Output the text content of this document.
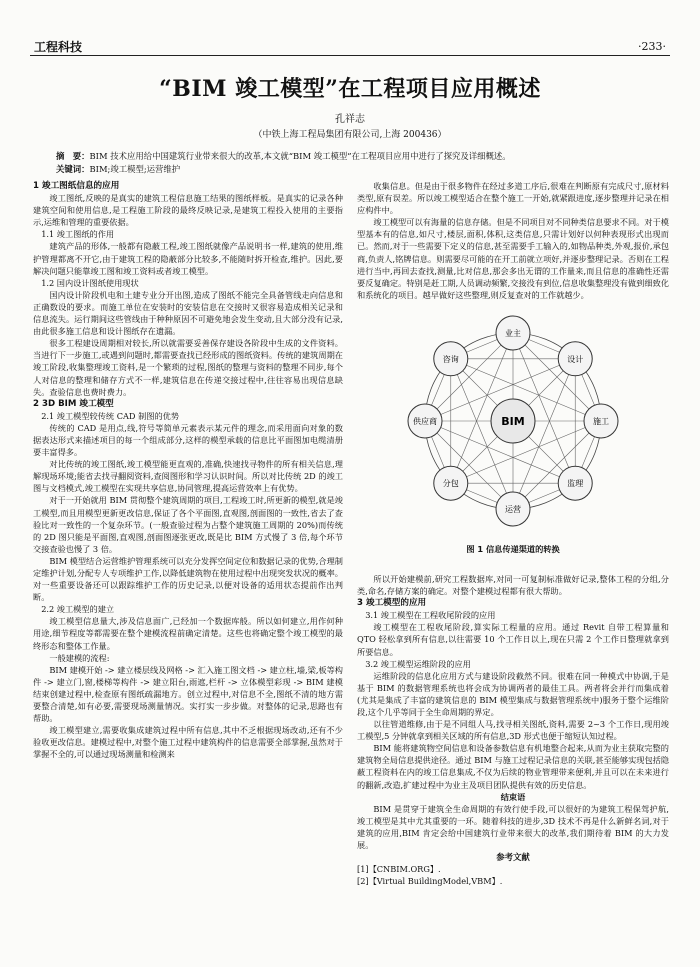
工程科技	·233·
“BIM 竣工模型”在工程项目应用概述
孔祥志
（中铁上海工程局集团有限公司,上海 200436）
摘　要：BIM 技术应用给中国建筑行业带来很大的改革,本文就“BIM 竣工模型”在工程项目应用中进行了探究及详细概述。
关键词：BIM;竣工模型;运营维护

1 竣工图纸信息的应用

竣工图纸,反映的是真实的建筑工程信息施工结果的图纸样板。是真实的记录各种建筑空间和使用信息,是工程施工阶段的最终反映记录,是建筑工程投入使用的主要指示,运维和管理的重要依据。

1.1 竣工图纸的作用

建筑产品的形体,一般都有隐蔽工程,竣工图纸就像产品说明书一样,建筑的使用,维护管理都离不开它,由于建筑工程的隐蔽部分比较多,不能随时拆开检查,维护。因此,要解决问题只能靠竣工图和竣工资料或者竣工模型。

1.2 国内设计图纸使用现状

国内设计阶段机电和土建专业分开出图,造成了图纸不能完全具备管线走向信息和正确数设的要求。而施工单位在安装时的安装信息在交接时又很容易造成相关记录和信息流失。运行期间这些管线由于种种原因不可避免地会发生变动,且大部分没有记录,由此很多施工信息和设计图纸存在遗漏。

很多工程建设周期相对较长,所以就需要妥善保存建设各阶段中生成的文件资料。当进行下一步施工,或遇到问题时,都需要查找已经形成的图纸资料。传统的建筑周期在竣工阶段,收集整理竣工资料,是一个繁琐的过程,图纸的整理与资料的整理不同步,每个人对信息的整理和储存方式不一样,建筑信息在传递交接过程中,往往容易出现信息缺失。查验信息也费时费力。

2 3D BIM 竣工模型

2.1 竣工模型较传统 CAD 制图的优势

传统的 CAD 是用点,线,符号等简单元素表示某元件的理念,而采用面向对象的数据表达形式来描述项目的每一个组成部分,这样的模型承载的信息比平面图加电缆清册要丰富得多。

对比传统的竣工图纸,竣工模型能更直观的,准确,快速找寻物件的所有相关信息,理解现场环境;能省去找寻翻阅资料,查阅图形和学习认识时间。所以对比传统 2D 的竣工图与文档模式,竣工模型在实现共享信息,协同管理,提高运营效率上有优势。

对于一开始就用 BIM 贯彻整个建筑周期的项目,工程竣工时,所更新的模型,就是竣工模型,而且用模型更新更改信息,保证了各个平面图,直观图,剖面图的一致性,省去了查验比对一致性的一个复杂环节。(一般查验过程为占整个建筑施工周期的 20%)而传统的 2D 图只能是平面图,直观图,剖面图逐张更改,既是比 BIM 方式慢了 3 倍,每个环节交接查验也慢了 3 倍。

BIM 模型结合运营维护管理系统可以充分发挥空间定位和数据记录的优势,合理制定维护计划,分配专人专项维护工作,以降低建筑物在使用过程中出现突发状况的概率。对一些重要设备还可以跟踪维护工作的历史记录,以便对设备的适用状态提前作出判断。

2.2 竣工模型的建立

竣工模型信息量大,涉及信息面广,已经加一个数据库般。所以如何建立,用作何种用途,细节程度等都需要在整个建模流程前确定清楚。这些也将确定整个竣工模型的最终形态和整体工作量。

一般建模的流程:

BIM 建模开始 -> 建立楼层线及网格 -> 汇入施工图文档 -> 建立柱,墙,梁,板等构件 -> 建立门,窗,楼梯等构件 -> 建立阳台,雨遮,栏杆 -> 立体模型彩现 -> BIM 建模结束创建过程中,检查原有图纸疏漏地方。创立过程中,对信息不全,图纸不清的地方需要整合清楚,如有必要,需要现场测量情况。实打实一步步做。对整体的记录,思路也有帮助。

竣工模型建立,需要收集成建筑过程中所有信息,其中不乏根据现场改动,还有不少验收更改信息。建模过程中,对整个施工过程中建筑构件的信息需要全部掌握,虽然对于掌握不全的,可以通过现场测量和检测来

收集信息。但是由于很多物件在经过多道工序后,很难在判断原有完成尺寸,原材料类型,原有误差。所以竣工模型适合在整个施工一开始,就紧跟进度,逐步整理并记录在相应构件中。

竣工模型可以有海量的信息存储。但是不同项目对不同种类信息要求不同。对于模型基本有的信息,如尺寸,楼层,面积,体积,这类信息,只需计划好以何种表现形式出现而已。然而,对于一些需要下定义的信息,甚至需要手工输入的,如物品种类,外观,报价,承包商,负责人,铭牌信息。则需要尽可能的在开工前就立项好,并逐步整理记录。否则在工程进行当中,再回去查找,测量,比对信息,那会多出无谓的工作量来,而且信息的准确性还需要反复确定。特别是赶工期,人员调动频繁,交接没有到位,信息收集整理没有做到细致化和系统化的项目。越早做好这些整理,则反复查对的工作就越少。

BIM
业主
设计
施工
监理
运营
分包
供应商
咨询

图 1 信息传递渠道的转换

所以开始建模前,研究工程数据库,对同一可复制标准做好记录,整体工程的分组,分类,命名,存储方案的确定。对整个建模过程都有很大帮助。

3 竣工模型的应用

3.1 竣工模型在工程收尾阶段的应用

竣工模型在工程收尾阶段,算实际工程量的应用。通过 Revit 自带工程算量和 QTO 轻松拿到所有信息,以往需要 10 个工作日以上,现在只需 2 个工作日整理就拿到所要信息。

3.2 竣工模型运维阶段的应用

运维阶段的信息化应用方式与建设阶段截然不同。很难在同一种模式中协调,于是基于 BIM 的数据管理系统也将会成为协调两者的最佳工具。两者将会并行而集成着(尤其是集成了丰富的建筑信息的 BIM 模型集成与数据管理系统中)服务于整个运维阶段,这个几乎等同于全生命周期的界定。

以往管道维修,由于是不同组人马,找寻相关图纸,资料,需要 2~3 个工作日,现用竣工模型,5 分钟就拿到相关区域的所有信息,3D 形式也便于缩短认知过程。

BIM 能将建筑物空间信息和设备参数信息有机地整合起来,从而为业主获取完整的建筑物全局信息提供途径。通过 BIM 与施工过程记录信息的关联,甚至能够实现包括隐蔽工程资料在内的竣工信息集成,不仅为后续的物业管理带来便利,并且可以在未来进行的翻新,改造,扩建过程中为业主及项目团队提供有效的历史信息。

结束语

BIM 是贯穿于建筑全生命周期的有效行使手段,可以很好的为建筑工程保驾护航,竣工模型是其中尤其重要的一环。随着科技的进步,3D 技术不再是什么新鲜名词,对于建筑的应用,BIM 肯定会给中国建筑行业带来很大的改革,我们期待着 BIM 的大力发展。

参考文献

[1]【CNBIM.ORG】.

[2]【Virtual BuildingModel,VBM】.
